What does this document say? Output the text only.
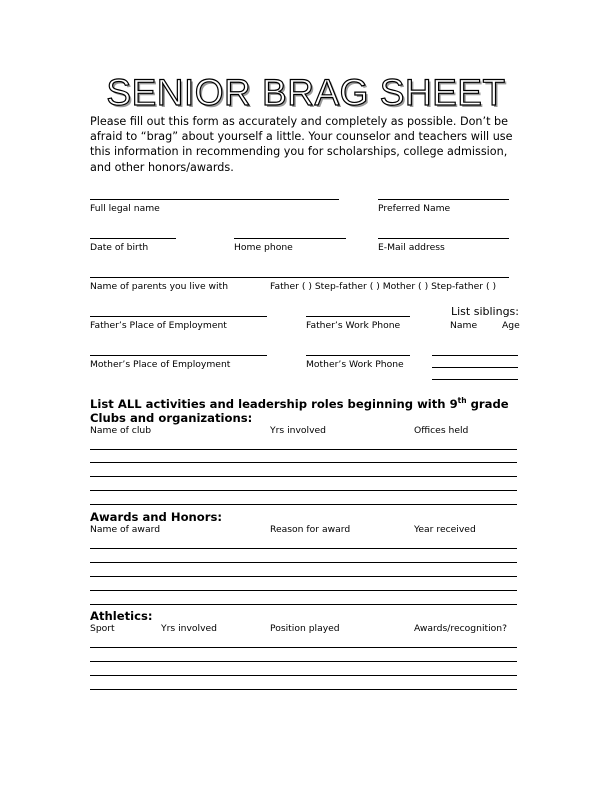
SENIOR BRAG SHEET
Please fill out this form as accurately and completely as possible. Don’t be afraid to “brag” about yourself a little. Your counselor and teachers will use this information in recommending you for scholarships, college admission, and other honors/awards.
Full legal name	Preferred Name
Date of birth	Home phone	E-Mail address
Name of parents you live with	Father ( ) Step-father ( ) Mother ( ) Step-father ( )
Father’s Place of Employment	Father’s Work Phone
List siblings:
Name	Age
Mother’s Place of Employment	Mother’s Work Phone
List ALL activities and leadership roles beginning with 9th grade
Clubs and organizations:
Name of club	Yrs involved	Offices held
Awards and Honors:
Name of award	Reason for award	Year received
Athletics:
Sport	Yrs involved	Position played	Awards/recognition?
